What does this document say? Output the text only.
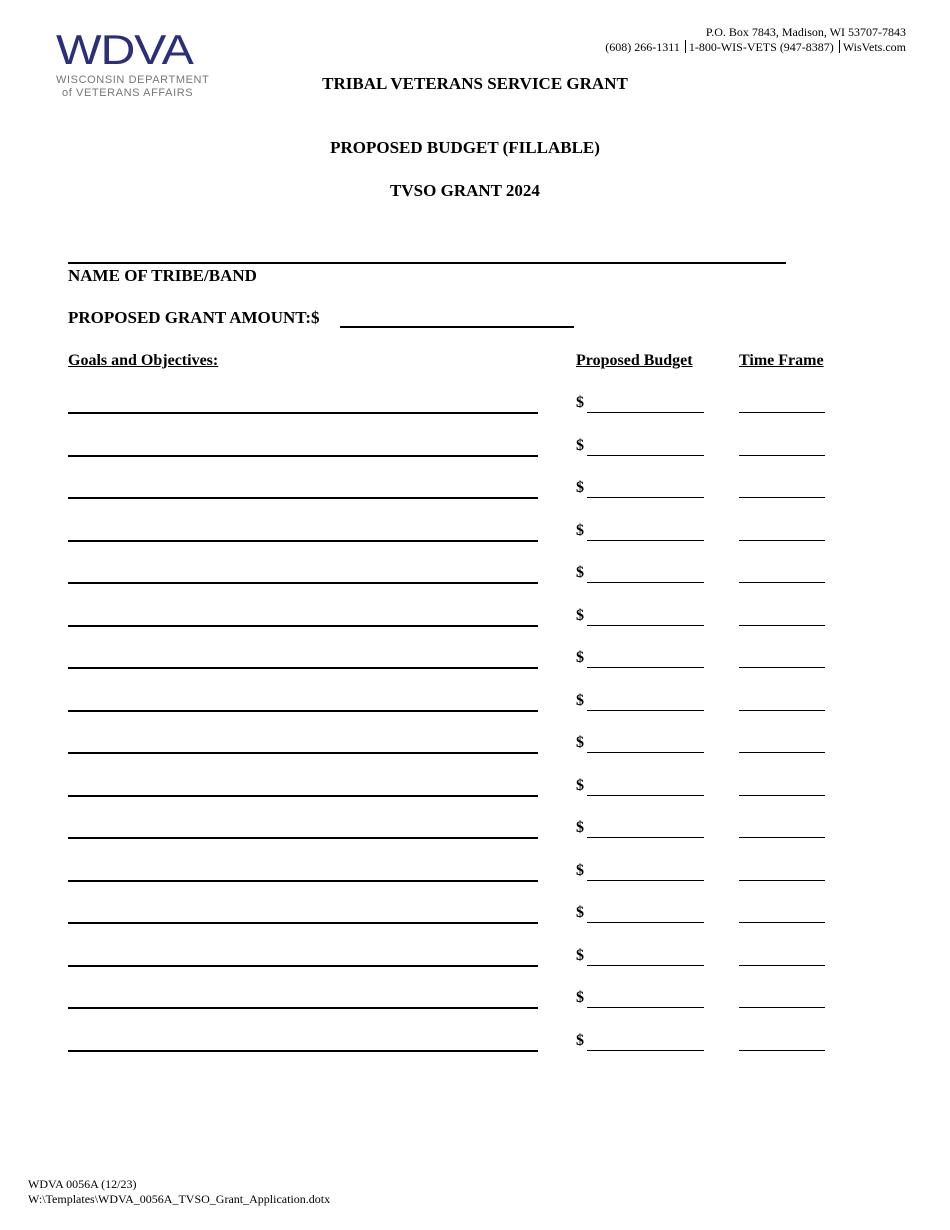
WDVA
WISCONSIN DEPARTMENT
of VETERANS AFFAIRS
P.O. Box 7843, Madison, WI 53707-7843
(608) 266-1311 1-800-WIS-VETS (947-8387) WisVets.com
TRIBAL VETERANS SERVICE GRANT
PROPOSED BUDGET (FILLABLE)
TVSO GRANT 2024
NAME OF TRIBE/BAND
PROPOSED GRANT AMOUNT:$
Goals and Objectives:	Proposed Budget	Time Frame
$
$
$
$
$
$
$
$
$
$
$
$
$
$
$
$
WDVA 0056A (12/23)
W:\Templates\WDVA_0056A_TVSO_Grant_Application.dotx
